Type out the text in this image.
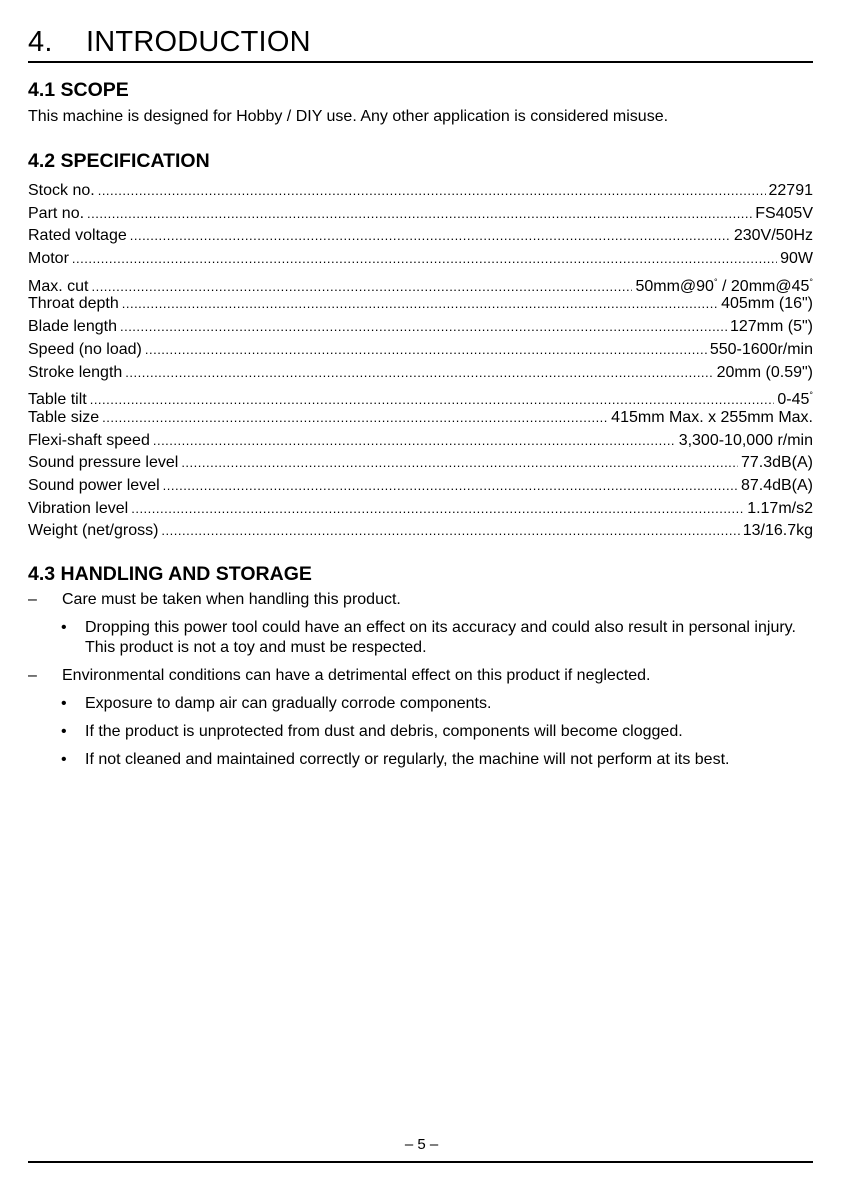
4. INTRODUCTION
4.1 SCOPE
This machine is designed for Hobby / DIY use. Any other application is considered misuse.
4.2 SPECIFICATION
Stock no. .....	22791
Part no. .....	FS405V
Rated voltage .....	230V/50Hz
Motor .....	90W
Max. cut .....	50mm@90° / 20mm@45°
Throat depth .....	405mm (16")
Blade length .....	127mm (5")
Speed (no load) .....	550-1600r/min
Stroke length .....	20mm (0.59")
Table tilt .....	0-45°
Table size .....	415mm Max. x 255mm Max.
Flexi-shaft speed .....	3,300-10,000 r/min
Sound pressure level .....	77.3dB(A)
Sound power level .....	87.4dB(A)
Vibration level .....	1.17m/s2
Weight (net/gross) .....	13/16.7kg
4.3 HANDLING AND STORAGE
– Care must be taken when handling this product.
• Dropping this power tool could have an effect on its accuracy and could also result in personal injury. This product is not a toy and must be respected.
– Environmental conditions can have a detrimental effect on this product if neglected.
• Exposure to damp air can gradually corrode components.
• If the product is unprotected from dust and debris, components will become clogged.
• If not cleaned and maintained correctly or regularly, the machine will not perform at its best.
– 5 –
